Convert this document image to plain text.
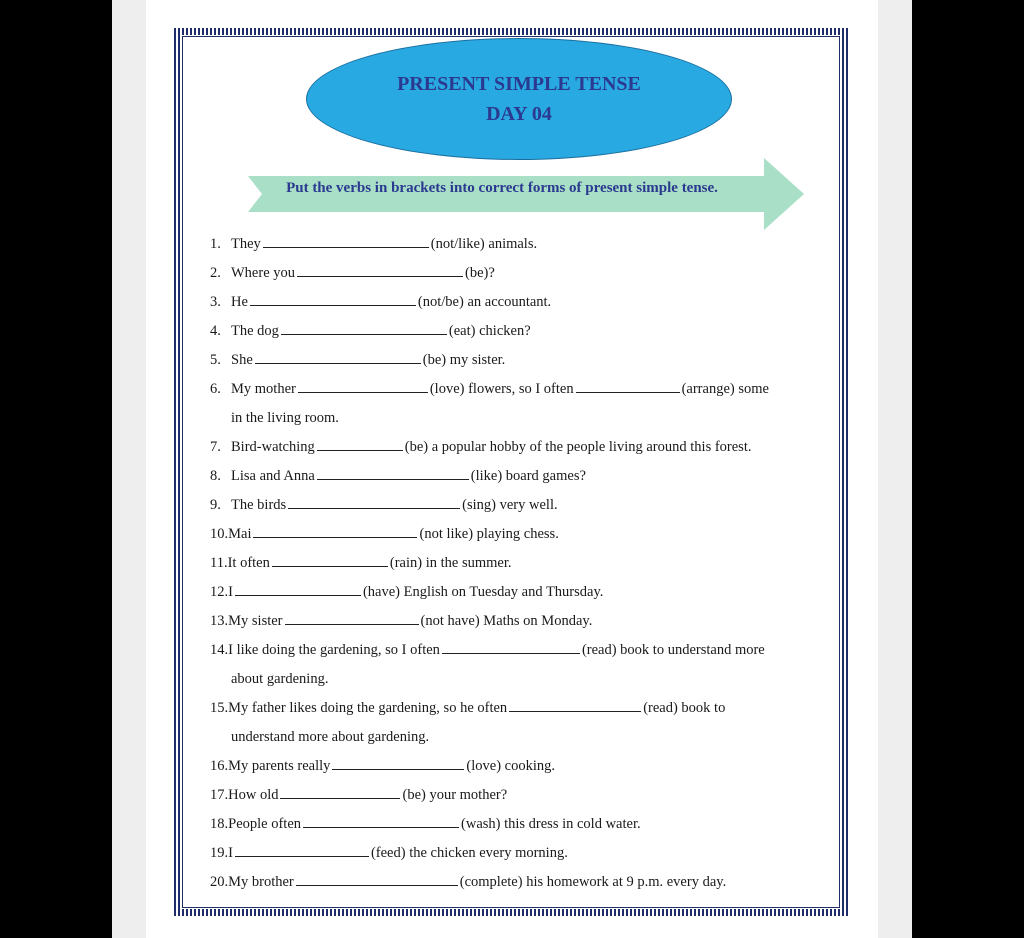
PRESENT SIMPLE TENSE
DAY 04
Put the verbs in brackets into correct forms of present simple tense.
1. They	(not/like) animals.
2. Where you	(be)?
3. He	(not/be) an accountant.
4. The dog	(eat) chicken?
5. She	(be) my sister.
6. My mother	(love) flowers, so I often	(arrange) some
in the living room.
7. Bird-watching	(be) a popular hobby of the people living around this forest.
8. Lisa and Anna	(like) board games?
9. The birds	(sing) very well.
10.Mai	(not like) playing chess.
11.It often	(rain) in the summer.
12.I	(have) English on Tuesday and Thursday.
13.My sister	(not have) Maths on Monday.
14.I like doing the gardening, so I often	(read) book to understand more
about gardening.
15.My father likes doing the gardening, so he often	(read) book to
understand more about gardening.
16.My parents really	(love) cooking.
17.How old	(be) your mother?
18.People often	(wash) this dress in cold water.
19.I	(feed) the chicken every morning.
20.My brother	(complete) his homework at 9 p.m. every day.
